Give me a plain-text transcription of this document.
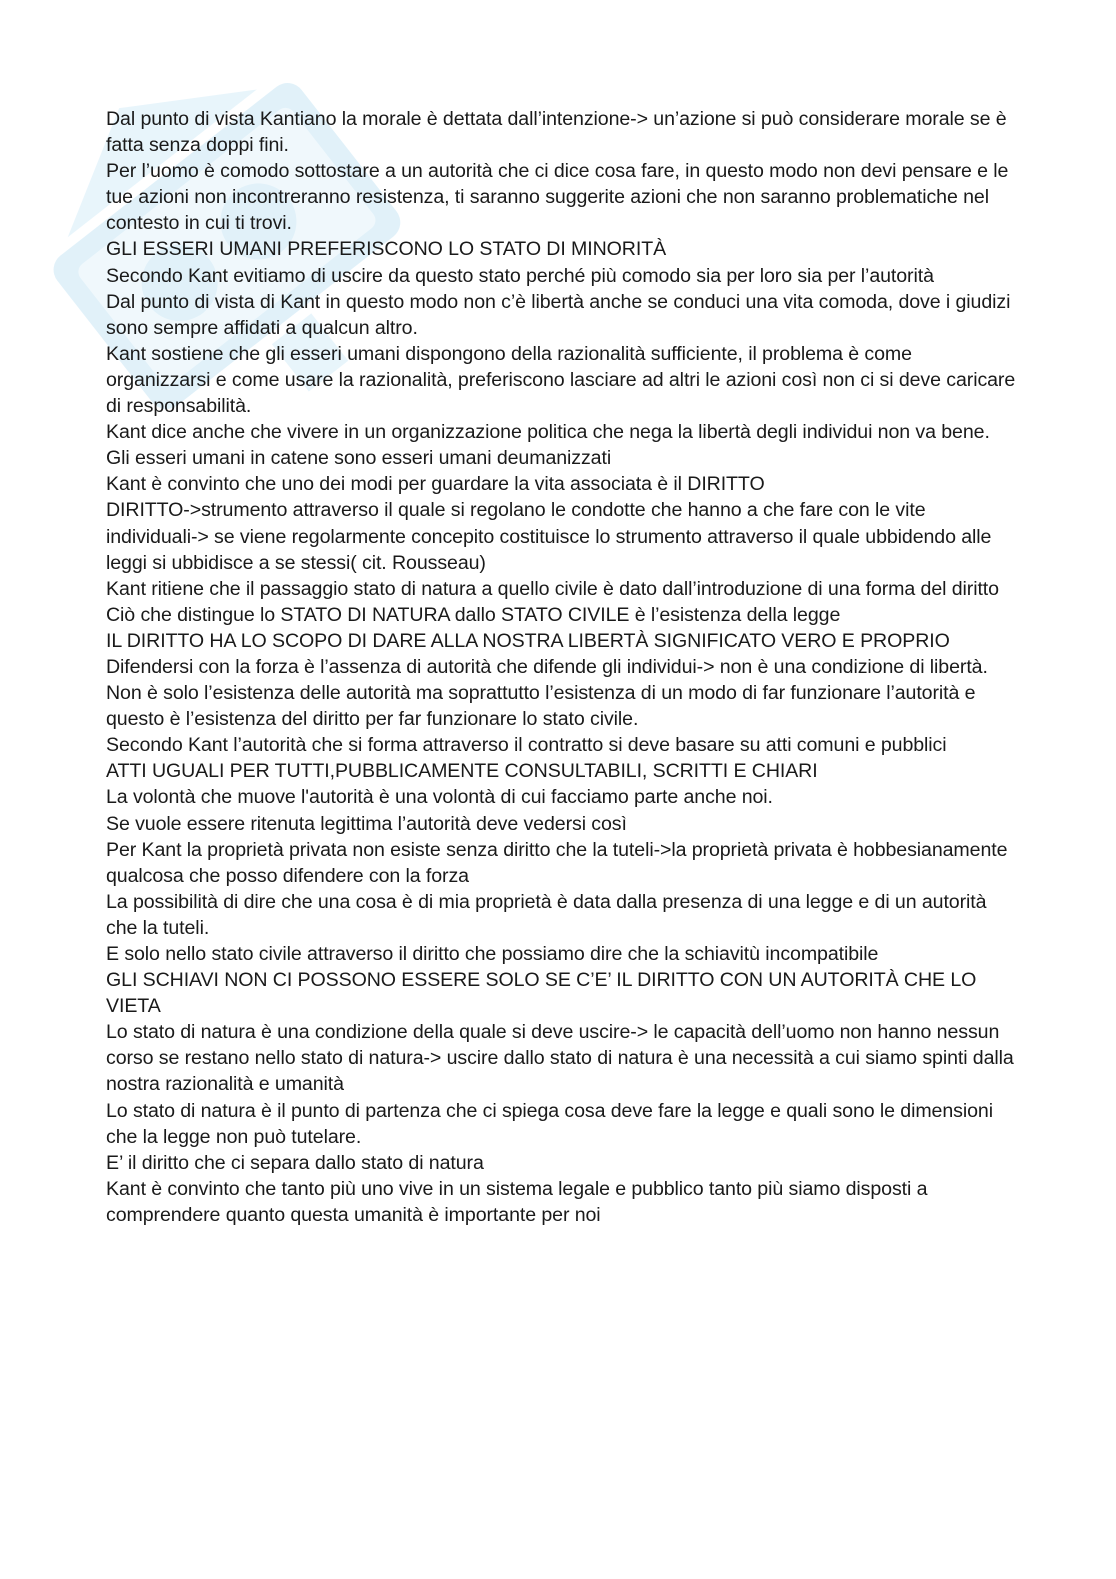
Dal punto di vista Kantiano la morale è dettata dall’intenzione-> un’azione si può considerare morale se è fatta senza doppi fini.

Per l’uomo è comodo sottostare a un autorità che ci dice cosa fare, in questo modo non devi pensare e le tue azioni non incontreranno resistenza, ti saranno suggerite azioni che non saranno problematiche nel contesto in cui ti trovi.

GLI ESSERI UMANI PREFERISCONO LO STATO DI MINORITÀ

Secondo Kant evitiamo di uscire da questo stato perché più comodo sia per loro sia per l’autorità

Dal punto di vista di Kant in questo modo non c’è libertà anche se conduci una vita comoda, dove i giudizi sono sempre affidati a qualcun altro.

Kant sostiene che gli esseri umani dispongono della razionalità sufficiente, il problema è come organizzarsi e come usare la razionalità, preferiscono lasciare ad altri le azioni così non ci si deve caricare di responsabilità.

Kant dice anche che vivere in un organizzazione politica che nega la libertà degli individui non va bene.

Gli esseri umani in catene sono esseri umani deumanizzati

Kant è convinto che uno dei modi per guardare la vita associata è il DIRITTO

DIRITTO->strumento attraverso il quale si regolano le condotte che hanno a che fare con le vite individuali-> se viene regolarmente concepito costituisce lo strumento attraverso il quale ubbidendo alle leggi si ubbidisce a se stessi( cit. Rousseau)

Kant ritiene che il passaggio stato di natura a quello civile è dato dall’introduzione di una forma del diritto

Ciò che distingue lo STATO DI NATURA dallo STATO CIVILE è l’esistenza della legge

IL DIRITTO HA LO SCOPO DI DARE ALLA NOSTRA LIBERTÀ SIGNIFICATO VERO E PROPRIO

Difendersi con la forza è l’assenza di autorità che difende gli individui-> non è una condizione di libertà.

Non è solo l’esistenza delle autorità ma soprattutto l’esistenza di un modo di far funzionare l’autorità e questo è l’esistenza del diritto per far funzionare lo stato civile.

Secondo Kant l’autorità che si forma attraverso il contratto si deve basare su atti comuni e pubblici

ATTI UGUALI PER TUTTI,PUBBLICAMENTE CONSULTABILI, SCRITTI E CHIARI

La volontà che muove l'autorità è una volontà di cui facciamo parte anche noi.

Se vuole essere ritenuta legittima l’autorità deve vedersi così

Per Kant la proprietà privata non esiste senza diritto che la tuteli->la proprietà privata è hobbesianamente qualcosa che posso difendere con la forza

La possibilità di dire che una cosa è di mia proprietà è data dalla presenza di una legge e di un autorità che la tuteli.

E solo nello stato civile attraverso il diritto che possiamo dire che la schiavitù incompatibile

GLI SCHIAVI NON CI POSSONO ESSERE SOLO SE C’E’ IL DIRITTO CON UN AUTORITÀ CHE LO VIETA

Lo stato di natura è una condizione della quale si deve uscire-> le capacità dell’uomo non hanno nessun corso se restano nello stato di natura-> uscire dallo stato di natura è una necessità a cui siamo spinti dalla nostra razionalità e umanità

Lo stato di natura è il punto di partenza che ci spiega cosa deve fare la legge e quali sono le dimensioni che la legge non può tutelare.

E’ il diritto che ci separa dallo stato di natura

Kant è convinto che tanto più uno vive in un sistema legale e pubblico tanto più siamo disposti a comprendere quanto questa umanità è importante per noi
